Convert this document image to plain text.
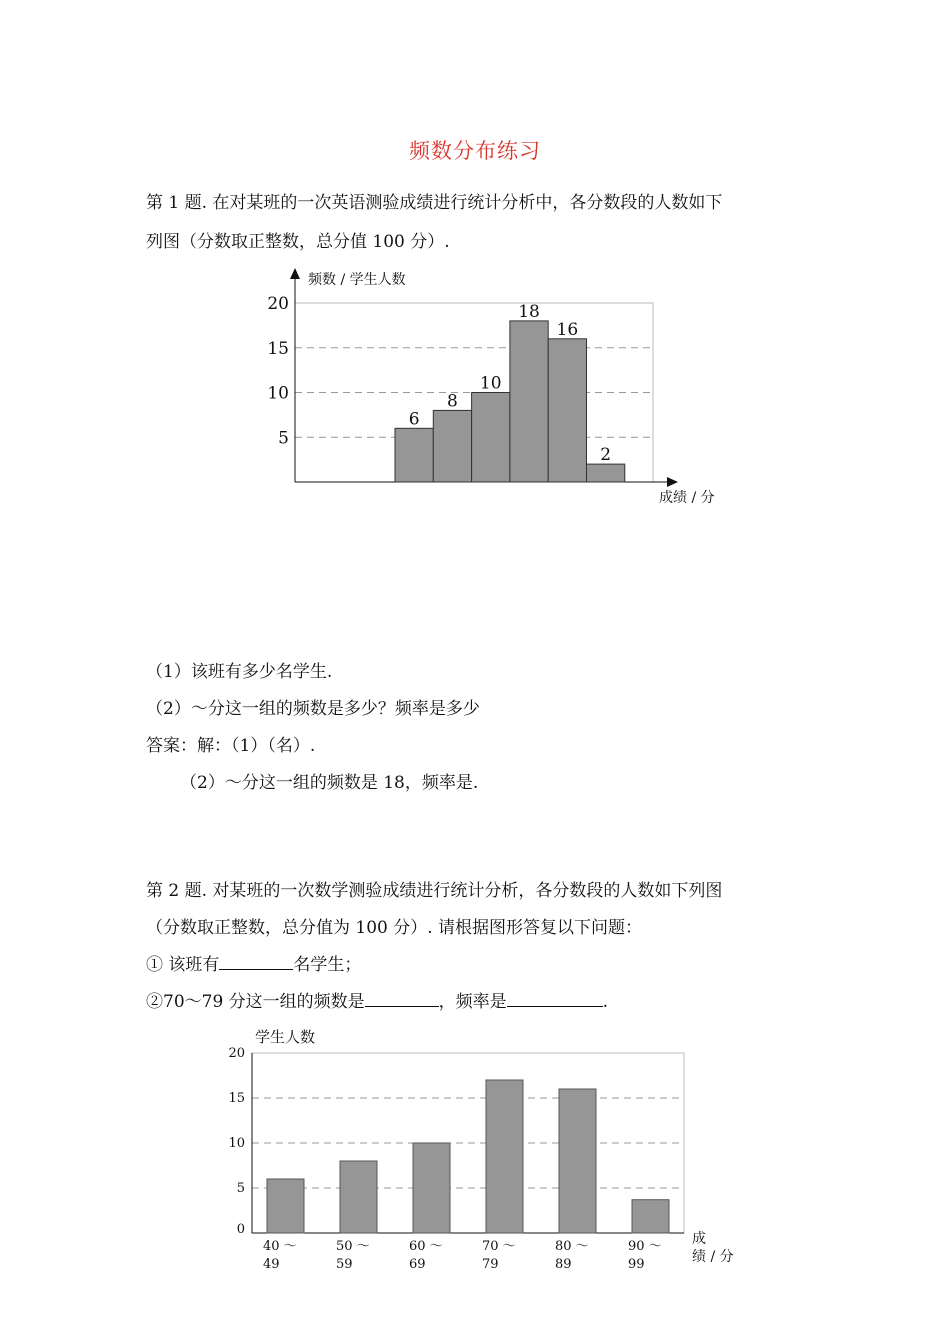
频数分布练习
第 1 题. 在对某班的一次英语测验成绩进行统计分析中，各分数段的人数如下
列图（分数取正整数，总分值 100 分）.
5
10
15
20
频数 / 学生人数
成绩 / 分
6
8
10
18
16
2
（1）该班有多少名学生.
（2）～分这一组的频数是多少？频率是多少
答案：解：（1）（名）.
（2）～分这一组的频数是 18，频率是.
第 2 题. 对某班的一次数学测验成绩进行统计分析，各分数段的人数如下列图
（分数取正整数，总分值为 100 分）. 请根据图形答复以下问题：
① 该班有	名学生；
②70～79 分这一组的频数是	，频率是	.
0
5
10
15
20
学生人数
成
绩 / 分
40 ～
49
50 ～
59
60 ～
69
70 ～
79
80 ～
89
90 ～
99
